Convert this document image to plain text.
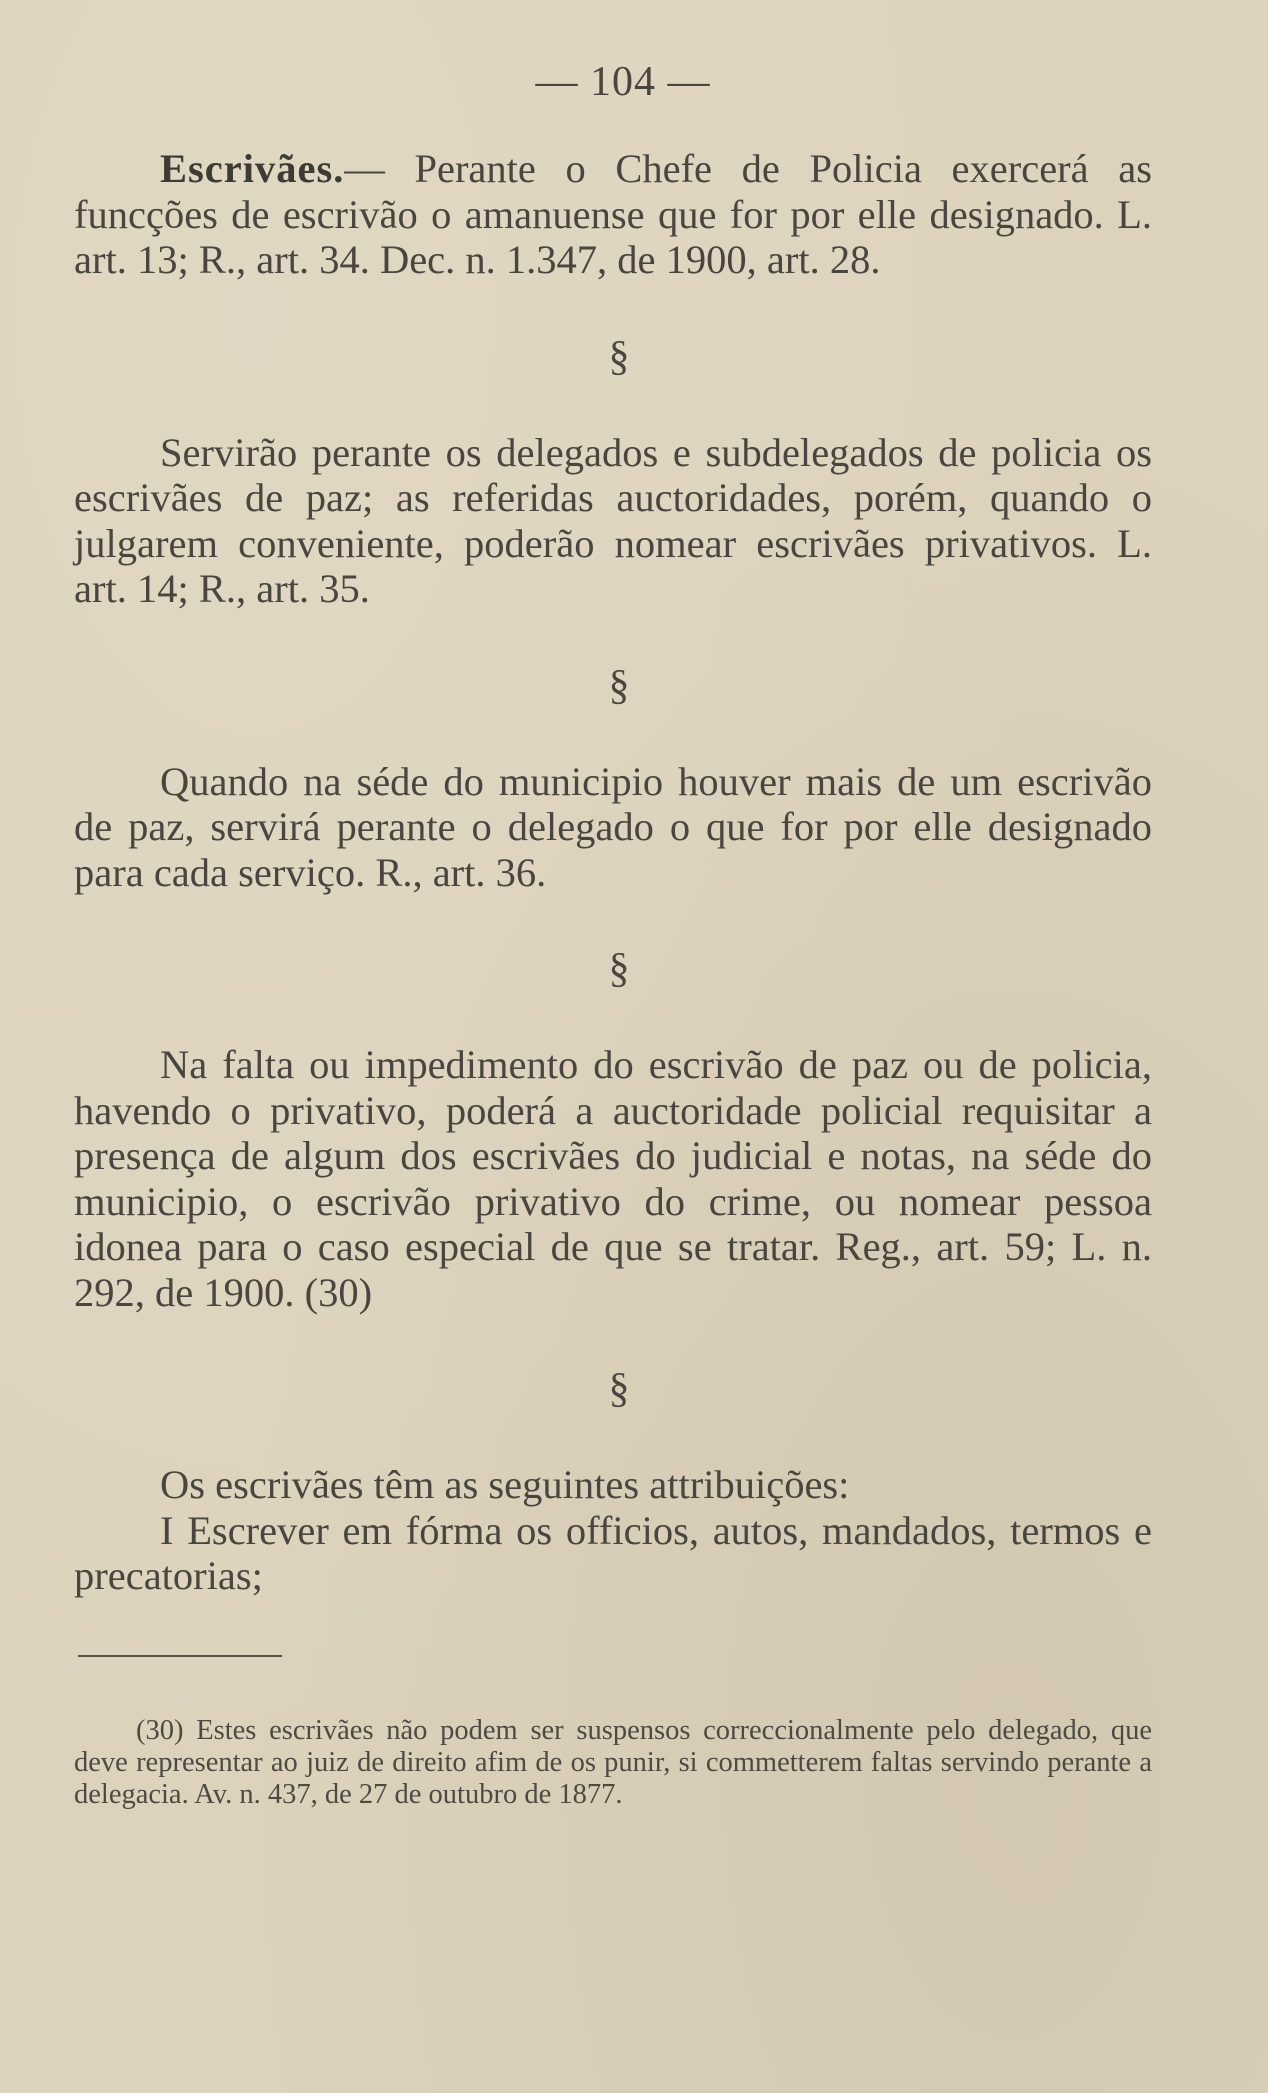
— 104 —

Escrivães.— Perante o Chefe de Policia exercerá as funcções de escrivão o amanuense que for por elle designado. L. art. 13; R., art. 34. Dec. n. 1.347, de 1900, art. 28.

§

Servirão perante os delegados e subdelegados de policia os escrivães de paz; as referidas auctoridades, porém, quando o julgarem conveniente, poderão nomear escrivães privativos. L. art. 14; R., art. 35.

§

Quando na séde do municipio houver mais de um escrivão de paz, servirá perante o delegado o que for por elle designado para cada serviço. R., art. 36.

§

Na falta ou impedimento do escrivão de paz ou de policia, havendo o privativo, poderá a auctoridade policial requisitar a presença de algum dos escrivães do judicial e notas, na séde do municipio, o escrivão privativo do crime, ou nomear pessoa idonea para o caso especial de que se tratar. Reg., art. 59; L. n. 292, de 1900. (30)

§

Os escrivães têm as seguintes attribuições:

I Escrever em fórma os officios, autos, mandados, termos e precatorias;

(30) Estes escrivães não podem ser suspensos correccionalmente pelo delegado, que deve representar ao juiz de direito afim de os punir, si commetterem faltas servindo perante a delegacia. Av. n. 437, de 27 de outubro de 1877.
